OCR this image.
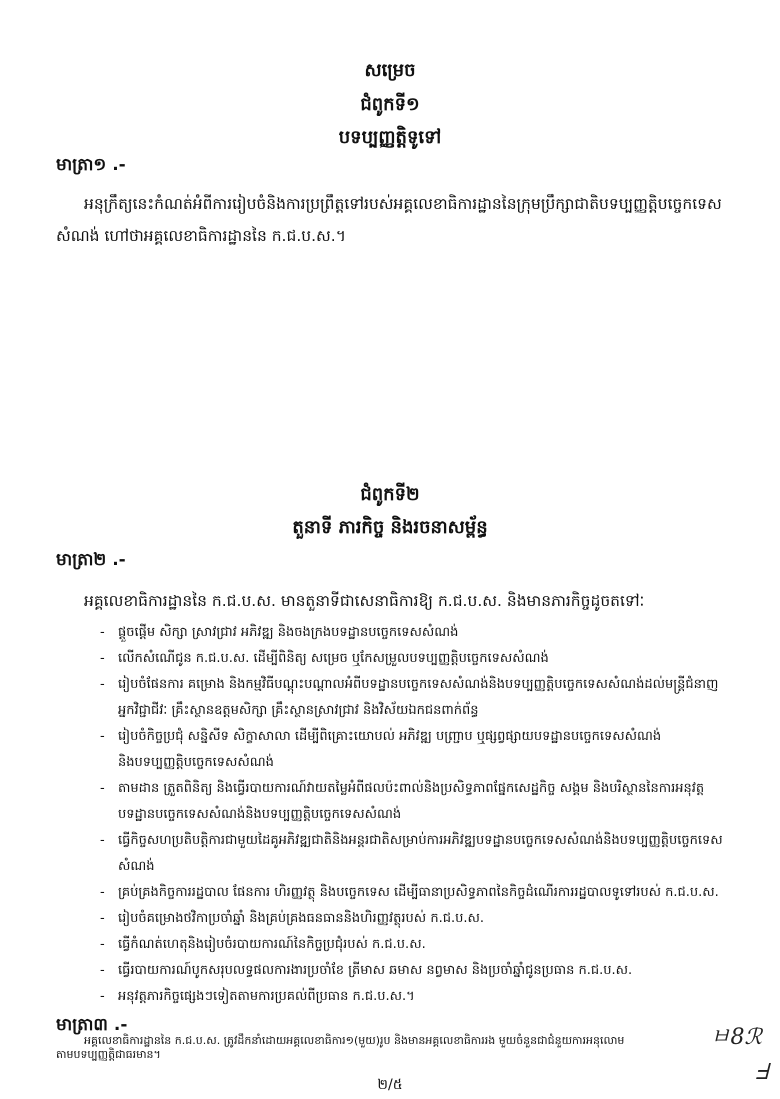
សម្រេច
ជំពូកទី១
បទប្បញ្ញត្តិទូទៅ
មាត្រា១ .-
អនុក្រឹត្យនេះកំណត់អំពីការរៀបចំនិងការប្រព្រឹត្តទៅរបស់អគ្គលេខាធិការដ្ឋាននៃក្រុមប្រឹក្សាជាតិបទប្បញ្ញត្តិបច្ចេកទេសសំណង់ ហៅថាអគ្គលេខាធិការដ្ឋាននៃ ក.ជ.ប.ស.។
ជំពូកទី២
តួនាទី ភារកិច្ច និងរចនាសម្ព័ន្ធ
មាត្រា២ .-
អគ្គលេខាធិការដ្ឋាននៃ ក.ជ.ប.ស. មានតួនាទីជាសេនាធិការឱ្យ ក.ជ.ប.ស. និងមានភារកិច្ចដូចតទៅៈ
- ផ្តួចផ្តើម សិក្សា ស្រាវជ្រាវ អភិវឌ្ឍ និងចងក្រងបទដ្ឋានបច្ចេកទេសសំណង់
- លើកសំណើជូន ក.ជ.ប.ស. ដើម្បីពិនិត្យ សម្រេច ឬកែសម្រួលបទប្បញ្ញត្តិបច្ចេកទេសសំណង់
- រៀបចំផែនការ គម្រោង និងកម្មវិធីបណ្តុះបណ្តាលអំពីបទដ្ឋានបច្ចេកទេសសំណង់និងបទប្បញ្ញត្តិបច្ចេកទេសសំណង់ដល់មន្ត្រីជំនាញ អ្នកវិជ្ជាជីវៈ គ្រឹះស្ថានឧត្តមសិក្សា គ្រឹះស្ថានស្រាវជ្រាវ និងវិស័យឯកជនពាក់ព័ន្ធ
- រៀបចំកិច្ចប្រជុំ សន្និសីទ សិក្ខាសាលា ដើម្បីពិគ្រោះយោបល់ អភិវឌ្ឍ បញ្ជ្រាប ឬផ្សព្វផ្សាយបទដ្ឋានបច្ចេកទេសសំណង់និងបទប្បញ្ញត្តិបច្ចេកទេសសំណង់
- តាមដាន ត្រួតពិនិត្យ និងធ្វើរបាយការណ៍វាយតម្លៃអំពីផលប៉ះពាល់និងប្រសិទ្ធភាពផ្នែកសេដ្ឋកិច្ច សង្គម និងបរិស្ថាននៃការអនុវត្តបទដ្ឋានបច្ចេកទេសសំណង់និងបទប្បញ្ញត្តិបច្ចេកទេសសំណង់
- ធ្វើកិច្ចសហប្រតិបត្តិការជាមួយដៃគូអភិវឌ្ឍជាតិនិងអន្តរជាតិសម្រាប់ការអភិវឌ្ឍបទដ្ឋានបច្ចេកទេសសំណង់និងបទប្បញ្ញត្តិបច្ចេកទេសសំណង់
- គ្រប់គ្រងកិច្ចការរដ្ឋបាល ផែនការ ហិរញ្ញវត្ថុ និងបច្ចេកទេស ដើម្បីធានាប្រសិទ្ធភាពនៃកិច្ចដំណើរការរដ្ឋបាលទូទៅរបស់ ក.ជ.ប.ស.
- រៀបចំគម្រោងថវិកាប្រចាំឆ្នាំ និងគ្រប់គ្រងធនធាននិងហិរញ្ញវត្ថុរបស់ ក.ជ.ប.ស.
- ធ្វើកំណត់ហេតុនិងរៀបចំរបាយការណ៍នៃកិច្ចប្រជុំរបស់ ក.ជ.ប.ស.
- ធ្វើរបាយការណ៍បូកសរុបលទ្ធផលការងារប្រចាំខែ ត្រីមាស ឆមាស នព្វមាស និងប្រចាំឆ្នាំជូនប្រធាន ក.ជ.ប.ស.
- អនុវត្តភារកិច្ចផ្សេងៗទៀតតាមការប្រគល់ពីប្រធាន ក.ជ.ប.ស.។
មាត្រា៣ .-
២/៥
ㅂ8ℛ
ᖵ
អគ្គលេខាធិការដ្ឋាននៃ ក.ជ.ប.ស. ត្រូវដឹកនាំដោយអគ្គលេខាធិការ១(មួយ)រូប និងមានអគ្គលេខាធិការរង មួយចំនួនជាជំនួយការអនុលោមតាមបទប្បញ្ញត្តិជាធរមាន។
